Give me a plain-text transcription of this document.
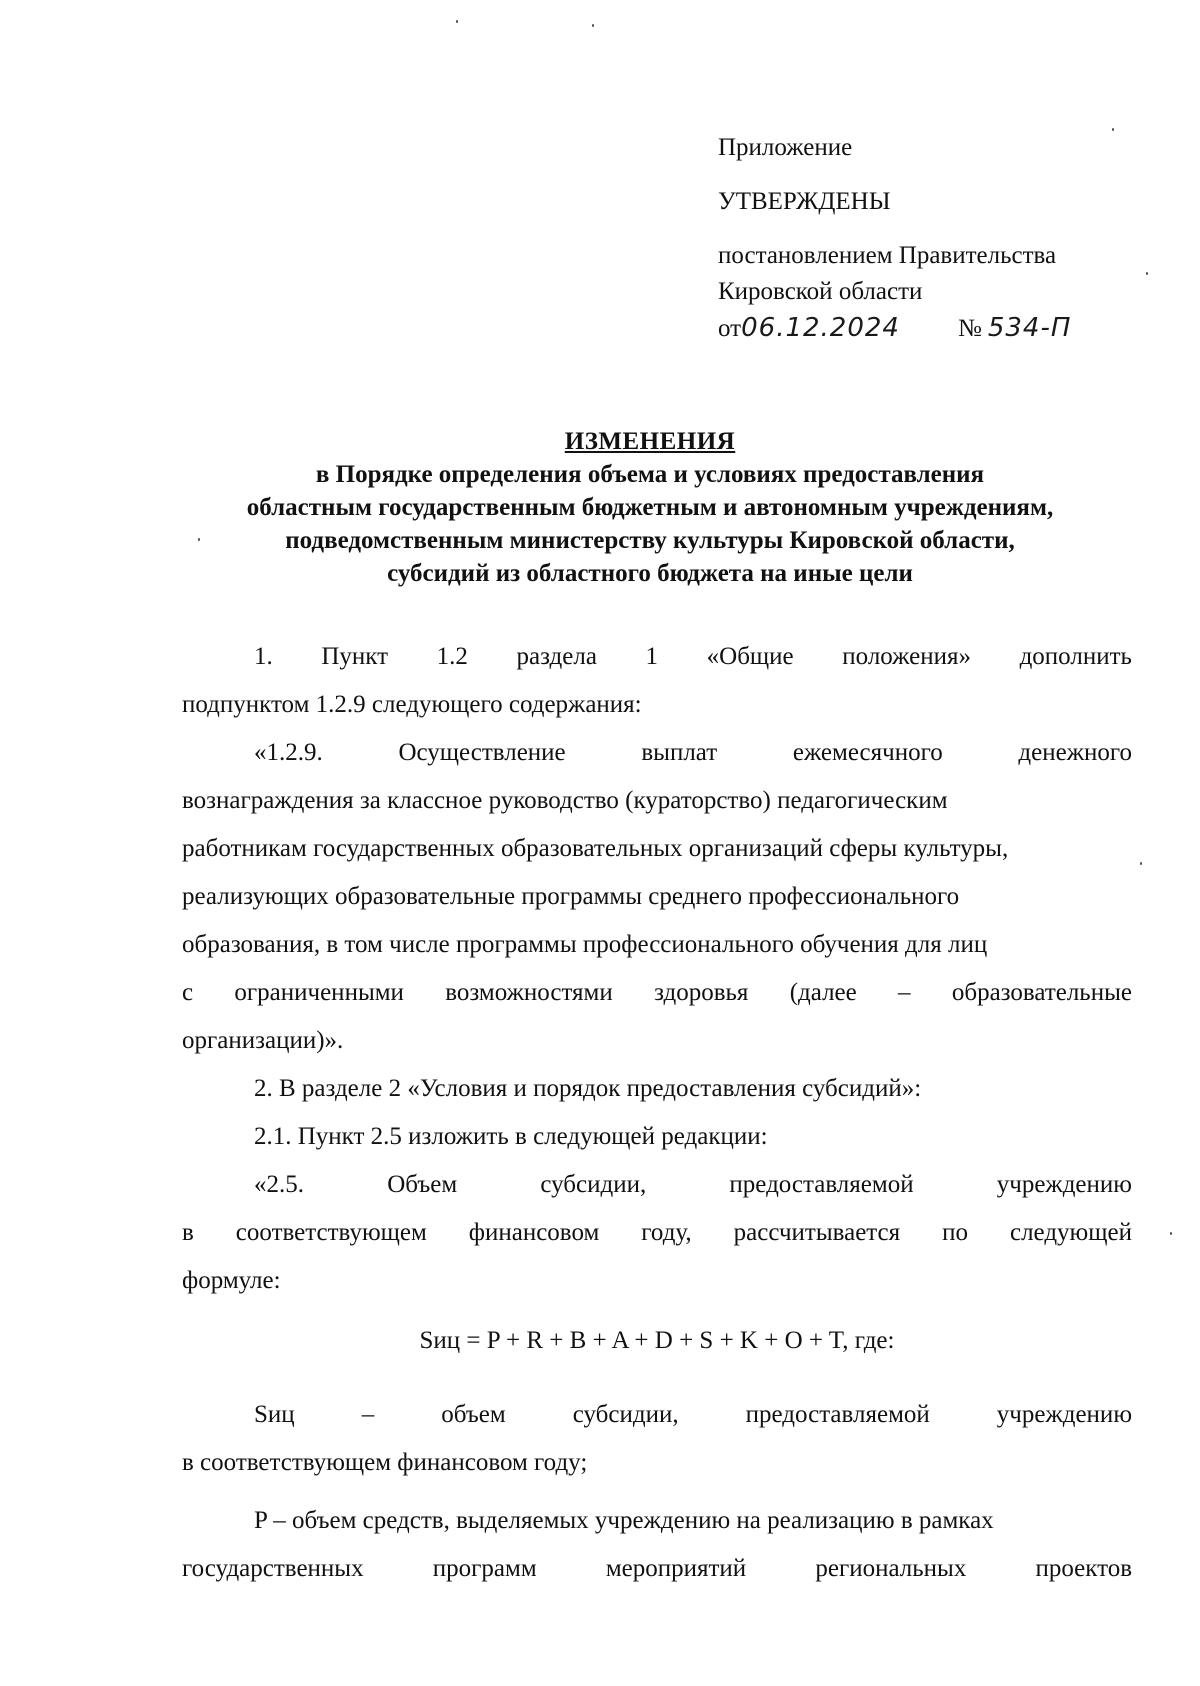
Приложение
УТВЕРЖДЕНЫ
постановлением Правительства
Кировской области
от 06.12.2024 № 534-П
ИЗМЕНЕНИЯ
в Порядке определения объема и условиях предоставления
областным государственным бюджетным и автономным учреждениям,
подведомственным министерству культуры Кировской области,
субсидий из областного бюджета на иные цели
1. Пункт 1.2 раздела 1 «Общие положения» дополнить
подпунктом 1.2.9 следующего содержания:
«1.2.9.	Осуществление	выплат	ежемесячного	денежного
вознаграждения за классное руководство (кураторство) педагогическим
работникам государственных образовательных организаций сферы культуры,
реализующих образовательные программы среднего профессионального
образования, в том числе программы профессионального обучения для лиц
с ограниченными возможностями здоровья (далее – образовательные
организации)».
2. В разделе 2 «Условия и порядок предоставления субсидий»:
2.1. Пункт 2.5 изложить в следующей редакции:
«2.5.	Объем	субсидии,	предоставляемой	учреждению
в соответствующем финансовом году, рассчитывается по следующей
формуле:
Sиц = P + R + B + A + D + S + K + O + T, где:
Sиц	–	объем	субсидии,	предоставляемой	учреждению
в соответствующем финансовом году;
P – объем средств, выделяемых учреждению на реализацию в рамках
государственных	программ	мероприятий	региональных	проектов
